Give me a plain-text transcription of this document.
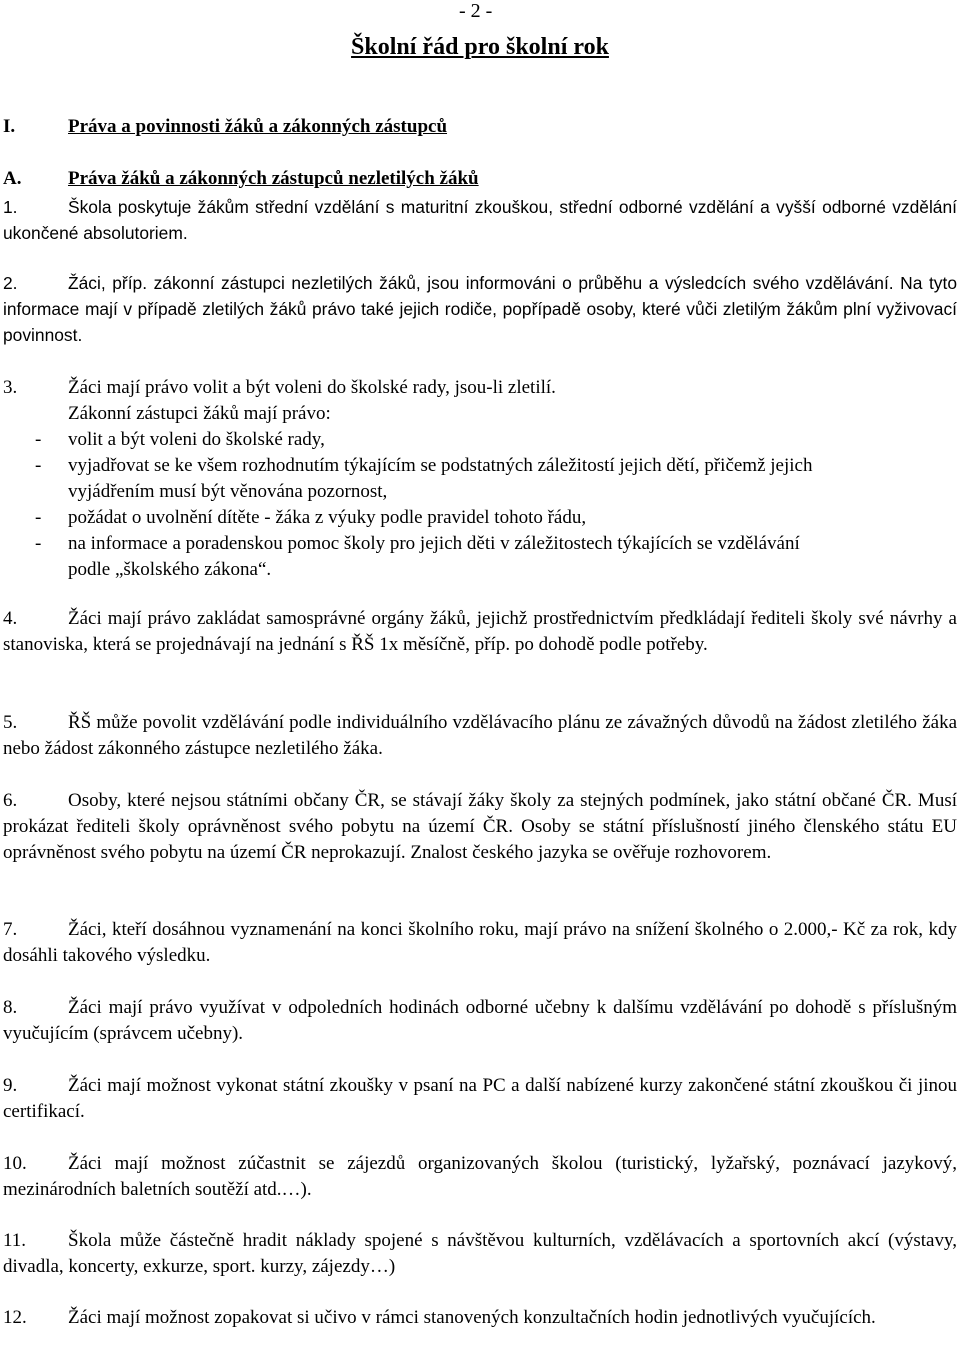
- 2 -
Školní řád pro školní rok
I.	Práva a povinnosti žáků a zákonných zástupců
A. Práva žáků a zákonných zástupců nezletilých žáků
1.	Škola poskytuje žákům střední vzdělání s maturitní zkouškou, střední odborné vzdělání a vyšší odborné vzdělání ukončené absolutoriem.
2.	Žáci, příp. zákonní zástupci nezletilých žáků, jsou informováni o průběhu a výsledcích svého vzdělávání. Na tyto informace mají v případě zletilých žáků právo také jejich rodiče, popřípadě osoby, které vůči zletilým žákům plní vyživovací povinnost.
3.	Žáci mají právo volit a být voleni do školské rady, jsou-li zletilí.
Zákonní zástupci žáků mají právo:
- volit a být voleni do školské rady,
- vyjadřovat se ke všem rozhodnutím týkajícím se podstatných záležitostí jejich dětí, přičemž jejich
vyjádřením musí být věnována pozornost,
- požádat o uvolnění dítěte - žáka z výuky podle pravidel tohoto řádu,
- na informace a poradenskou pomoc školy pro jejich děti v záležitostech týkajících se vzdělávání
podle „školského zákona“.
4.	Žáci mají právo zakládat samosprávné orgány žáků, jejichž prostřednictvím předkládají řediteli školy své návrhy a stanoviska, která se projednávají na jednání s ŘŠ 1x měsíčně, příp. po dohodě podle potřeby.
5.	ŘŠ může povolit vzdělávání podle individuálního vzdělávacího plánu ze závažných důvodů na žádost zletilého žáka nebo žádost zákonného zástupce nezletilého žáka.
6.	Osoby, které nejsou státními občany ČR, se stávají žáky školy za stejných podmínek, jako státní občané ČR. Musí prokázat řediteli školy oprávněnost svého pobytu na území ČR. Osoby se státní příslušností jiného členského státu EU oprávněnost svého pobytu na území ČR neprokazují. Znalost českého jazyka se ověřuje rozhovorem.
7.	Žáci, kteří dosáhnou vyznamenání na konci školního roku, mají právo na snížení školného o 2.000,- Kč za rok, kdy dosáhli takového výsledku.
8.	Žáci mají právo využívat v odpoledních hodinách odborné učebny k dalšímu vzdělávání po dohodě s příslušným vyučujícím (správcem učebny).
9.	Žáci mají možnost vykonat státní zkoušky v psaní na PC a další nabízené kurzy zakončené státní zkouškou či jinou certifikací.
10. Žáci mají možnost zúčastnit se zájezdů organizovaných školou (turistický, lyžařský, poznávací jazykový, mezinárodních baletních soutěží atd.…).
11. Škola může částečně hradit náklady spojené s návštěvou kulturních, vzdělávacích a sportovních akcí (výstavy, divadla, koncerty, exkurze, sport. kurzy, zájezdy…)
12. Žáci mají možnost zopakovat si učivo v rámci stanovených konzultačních hodin jednotlivých vyučujících.
